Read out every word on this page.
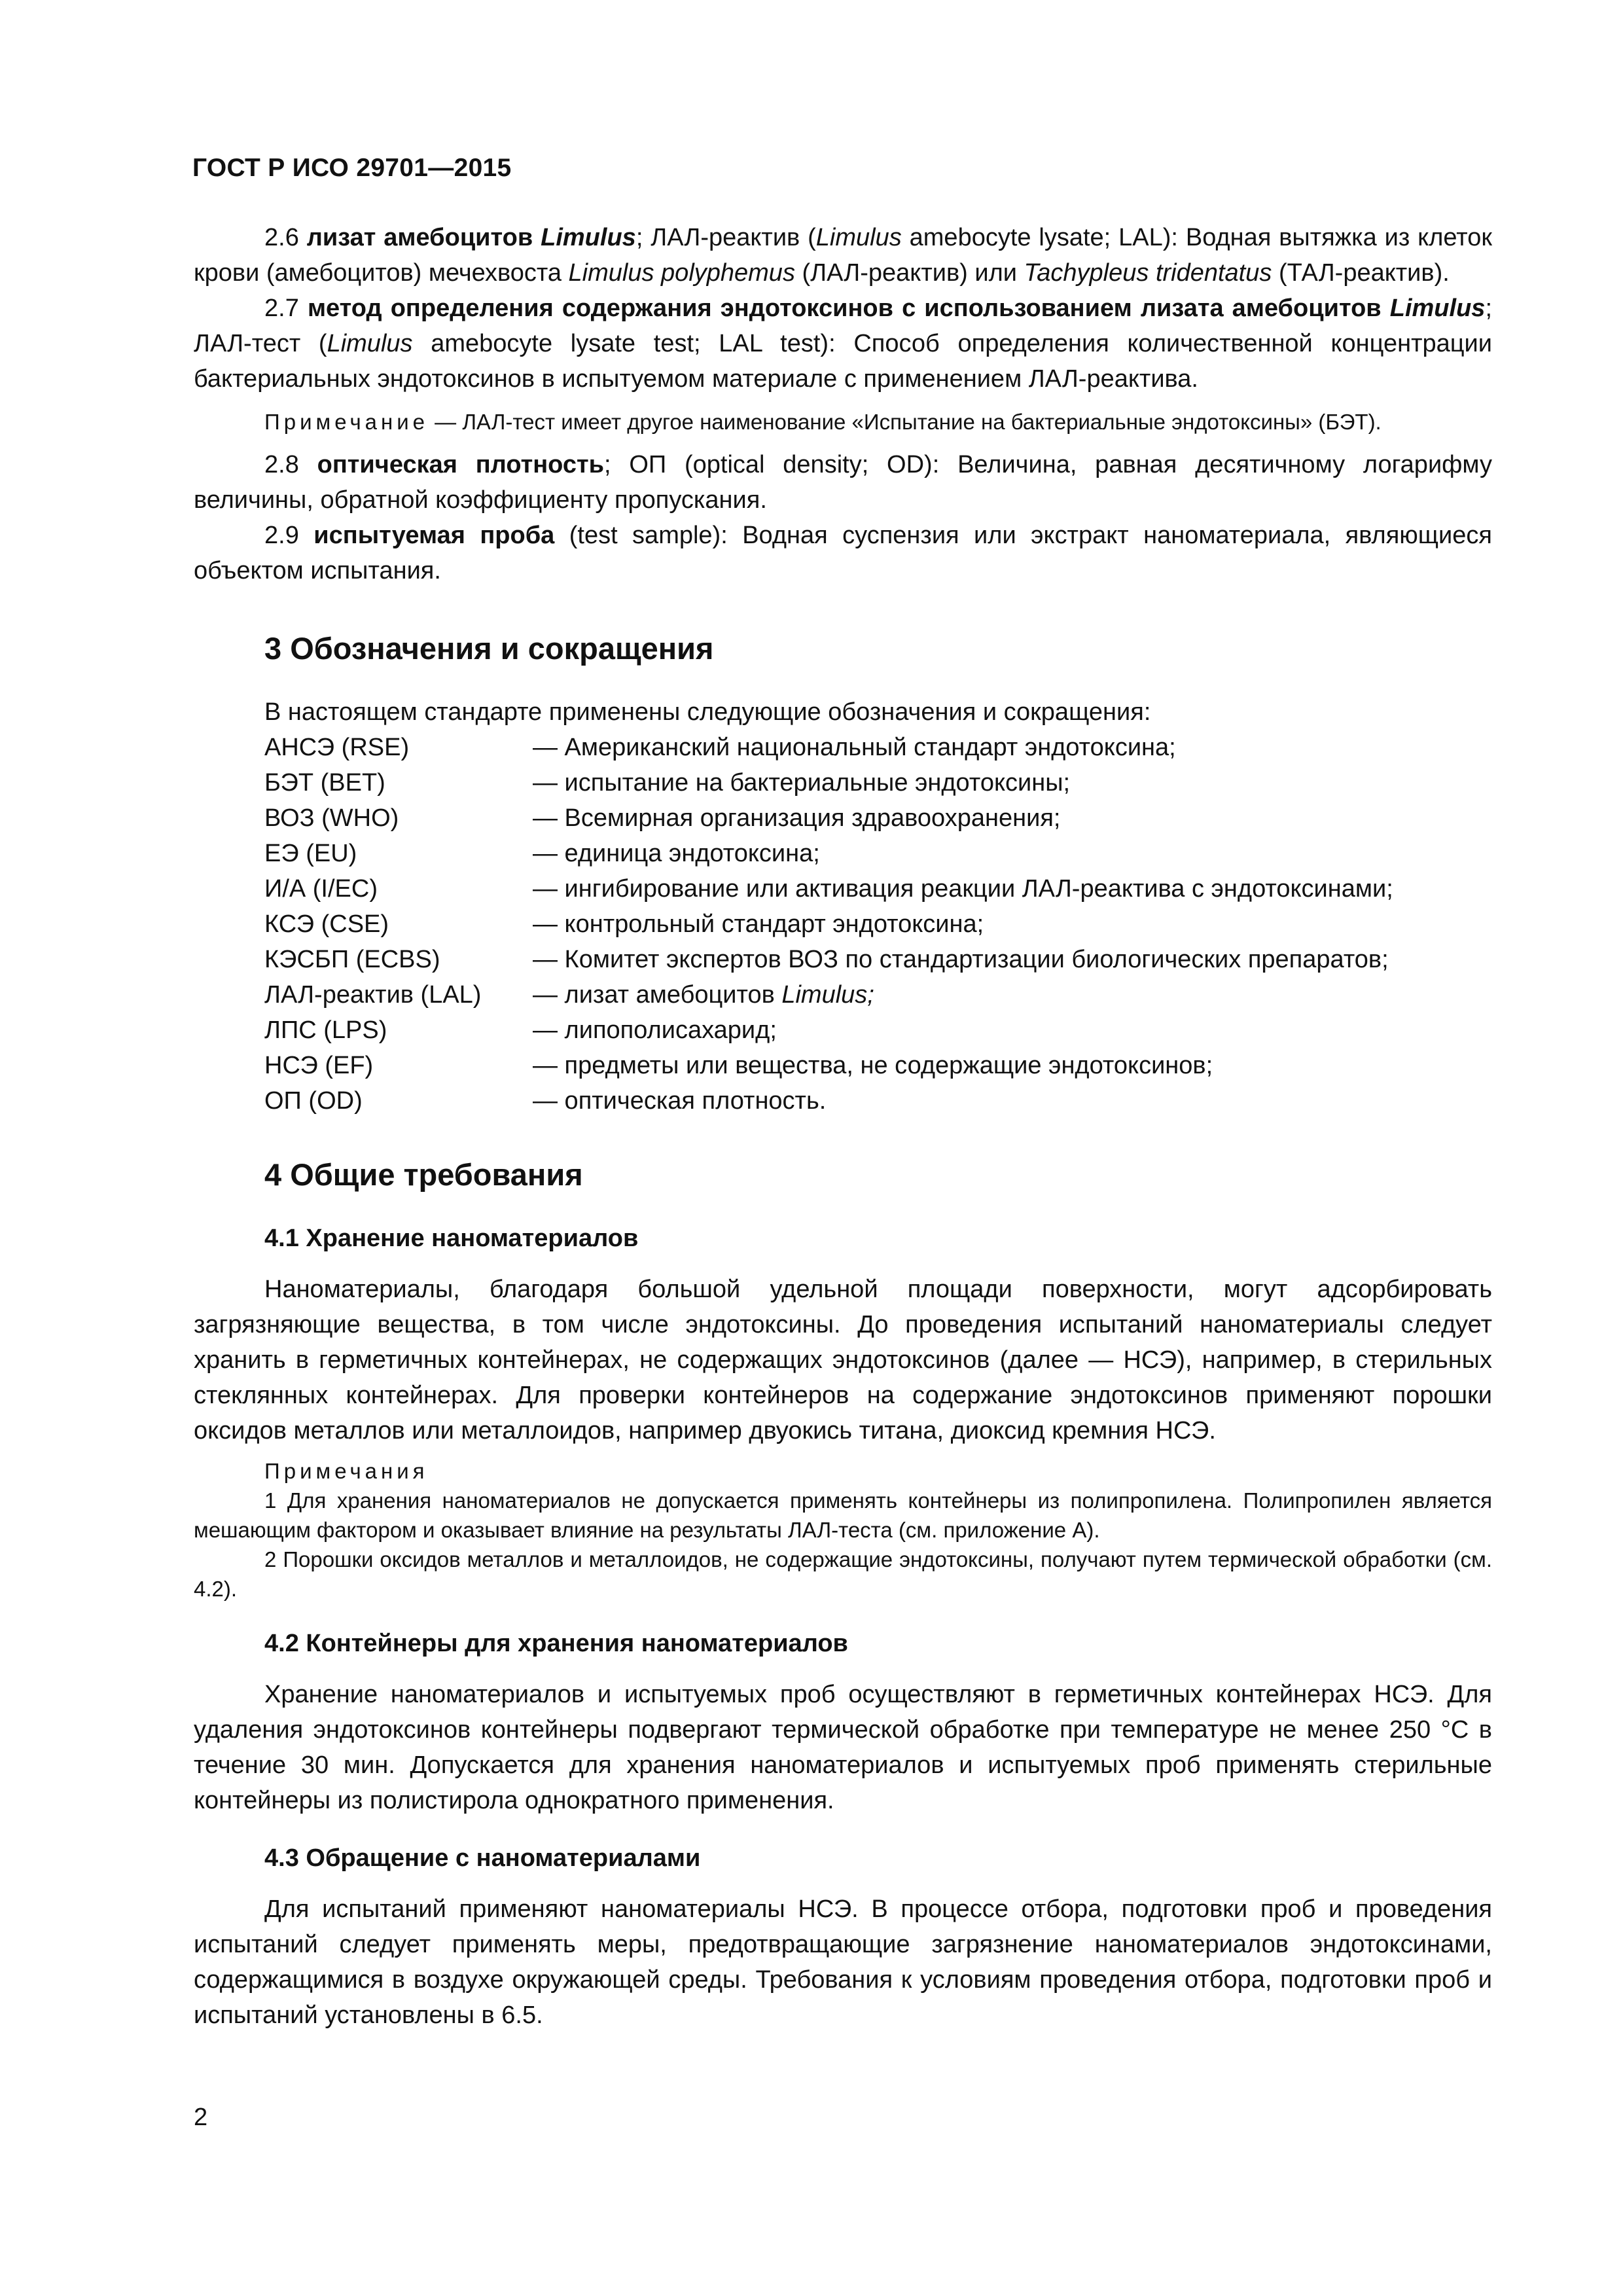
ГОСТ Р ИСО 29701—2015

2.6 лизат амебоцитов Limulus; ЛАЛ-реактив (Limulus amebocyte lysate; LAL): Водная вытяжка из клеток крови (амебоцитов) мечехвоста Limulus polyphemus (ЛАЛ-реактив) или Tachypleus tridentatus (ТАЛ-реактив).

2.7 метод определения содержания эндотоксинов с использованием лизата амебоцитов Limulus; ЛАЛ-тест (Limulus amebocyte lysate test; LAL test): Способ определения количественной концентрации бактериальных эндотоксинов в испытуемом материале с применением ЛАЛ-реактива.

Примечание — ЛАЛ-тест имеет другое наименование «Испытание на бактериальные эндотоксины» (БЭТ).

2.8 оптическая плотность; ОП (optical density; OD): Величина, равная десятичному логарифму величины, обратной коэффициенту пропускания.

2.9 испытуемая проба (test sample): Водная суспензия или экстракт наноматериала, являющиеся объектом испытания.

3 Обозначения и сокращения

В настоящем стандарте применены следующие обозначения и сокращения:

АНСЭ (RSE)	— Американский национальный стандарт эндотоксина;
БЭТ (BET)	— испытание на бактериальные эндотоксины;
ВОЗ (WHO)	— Всемирная организация здравоохранения;
ЕЭ (EU)	— единица эндотоксина;
И/А (I/EC)	— ингибирование или активация реакции ЛАЛ-реактива с эндотоксинами;
КСЭ (CSE)	— контрольный стандарт эндотоксина;
КЭСБП (ECBS)	— Комитет экспертов ВОЗ по стандартизации биологических препаратов;
ЛАЛ-реактив (LAL)	— лизат амебоцитов Limulus;
ЛПС (LPS)	— липополисахарид;
НСЭ (EF)	— предметы или вещества, не содержащие эндотоксинов;
ОП (OD)	— оптическая плотность.
4 Общие требования
4.1 Хранение наноматериалов

Наноматериалы, благодаря большой удельной площади поверхности, могут адсорбировать загрязняющие вещества, в том числе эндотоксины. До проведения испытаний наноматериалы следует хранить в герметичных контейнерах, не содержащих эндотоксинов (далее — НСЭ), например, в стерильных стеклянных контейнерах. Для проверки контейнеров на содержание эндотоксинов применяют порошки оксидов металлов или металлоидов, например двуокись титана, диоксид кремния НСЭ.

Примечания

1 Для хранения наноматериалов не допускается применять контейнеры из полипропилена. Полипропилен является мешающим фактором и оказывает влияние на результаты ЛАЛ-теста (см. приложение А).

2 Порошки оксидов металлов и металлоидов, не содержащие эндотоксины, получают путем термической обработки (см. 4.2).

4.2 Контейнеры для хранения наноматериалов

Хранение наноматериалов и испытуемых проб осуществляют в герметичных контейнерах НСЭ. Для удаления эндотоксинов контейнеры подвергают термической обработке при температуре не менее 250 °С в течение 30 мин. Допускается для хранения наноматериалов и испытуемых проб применять стерильные контейнеры из полистирола однократного применения.

4.3 Обращение с наноматериалами

Для испытаний применяют наноматериалы НСЭ. В процессе отбора, подготовки проб и проведения испытаний следует применять меры, предотвращающие загрязнение наноматериалов эндотоксинами, содержащимися в воздухе окружающей среды. Требования к условиям проведения отбора, подготовки проб и испытаний установлены в 6.5.

2
